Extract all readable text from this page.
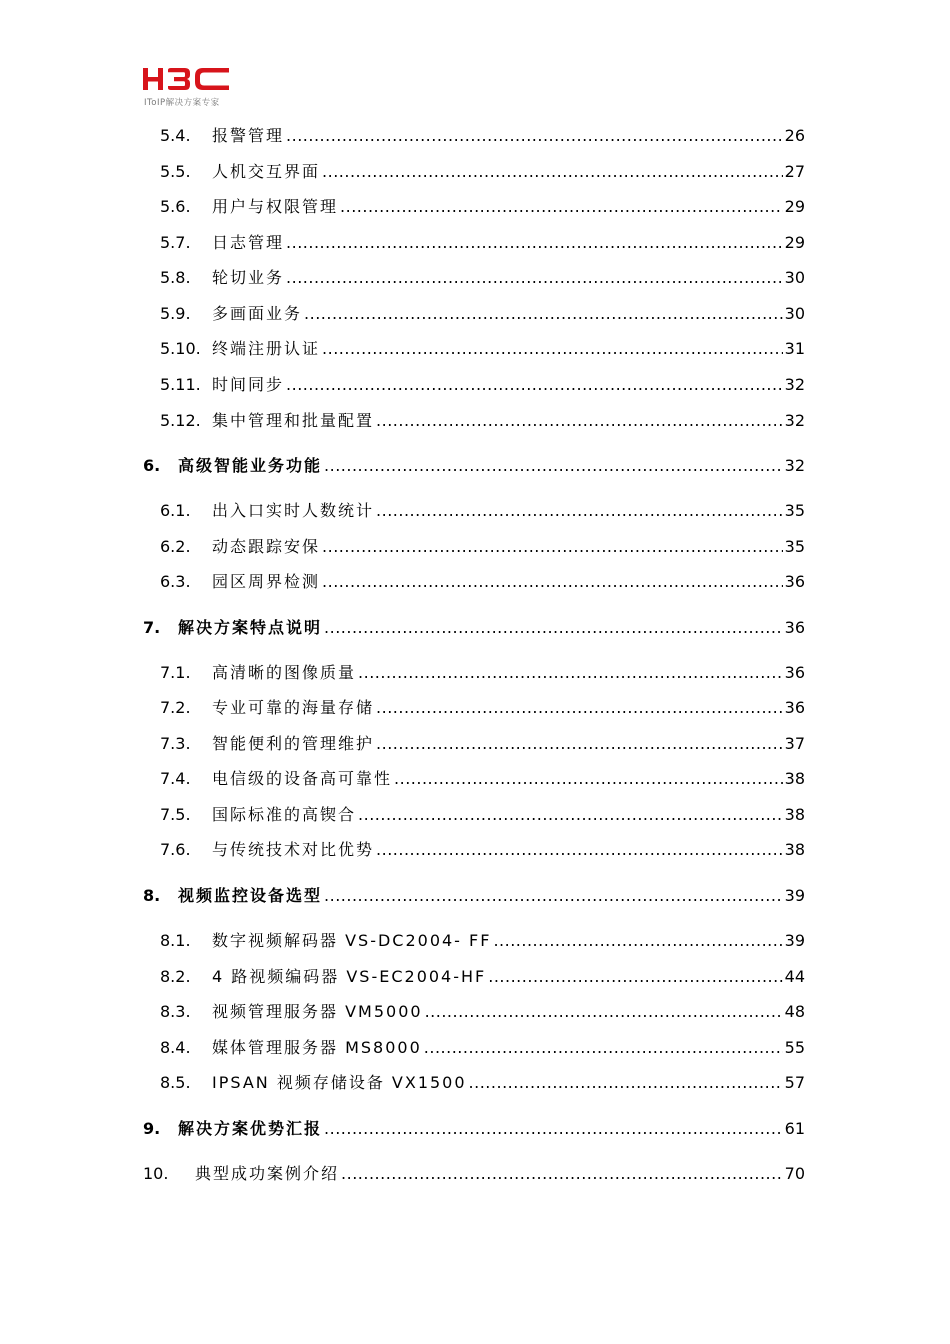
IToIP解决方案专家
5.4.	报警管理 .....	26
5.5.	人机交互界面 .....	27
5.6.	用户与权限管理 .....	29
5.7.	日志管理 .....	29
5.8.	轮切业务 .....	30
5.9.	多画面业务 .....	30
5.10. 终端注册认证 .....	31
5.11. 时间同步 .....	32
5.12. 集中管理和批量配置 .....	32
6.	高级智能业务功能 .....	32
6.1.	出入口实时人数统计 .....	35
6.2.	动态跟踪安保 .....	35
6.3.	园区周界检测 .....	36
7.	解决方案特点说明 .....	36
7.1.	高清晰的图像质量 .....	36
7.2.	专业可靠的海量存储 .....	36
7.3.	智能便利的管理维护 .....	37
7.4.	电信级的设备高可靠性 .....	38
7.5.	国际标准的高锲合 .....	38
7.6.	与传统技术对比优势 .....	38
8.	视频监控设备选型 .....	39
8.1.	数字视频解码器 VS-DC2004- FF .....	39
8.2.	4 路视频编码器 VS-EC2004-HF .....	44
8.3.	视频管理服务器 VM5000 .....	48
8.4.	媒体管理服务器 MS8000 .....	55
8.5.	IPSAN 视频存储设备 VX1500 .....	57
9.	解决方案优势汇报 .....	61
10.	典型成功案例介绍 .....	70
